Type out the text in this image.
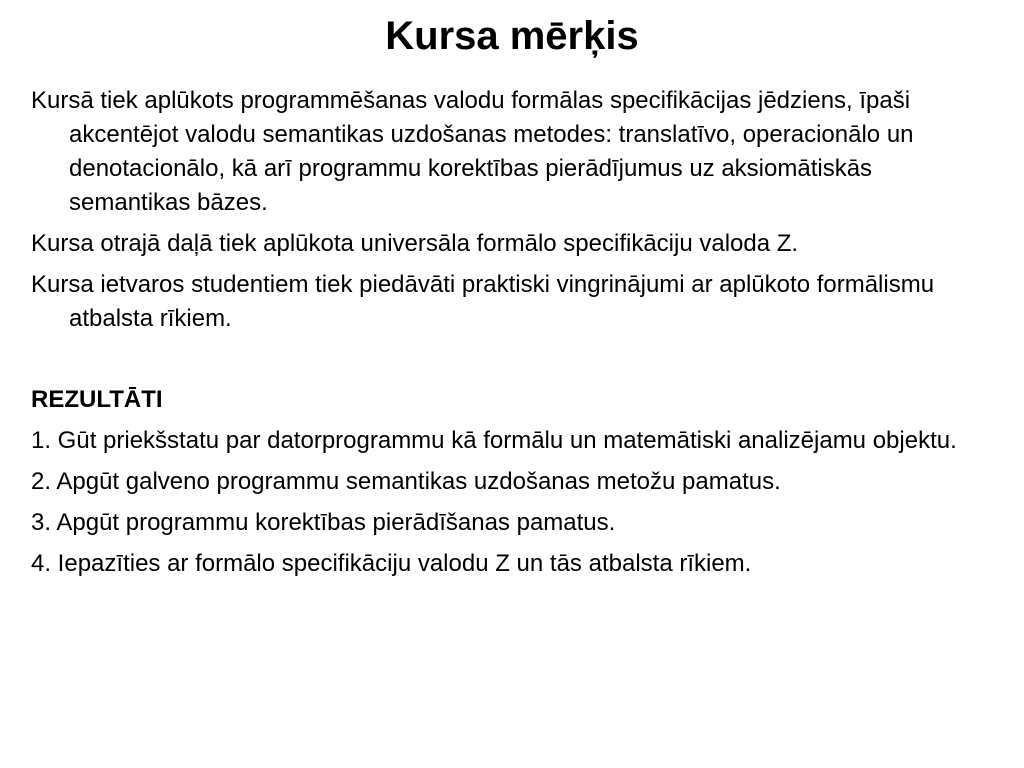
Kursa mērķis

Kursā tiek aplūkots programmēšanas valodu formālas specifikācijas jēdziens, īpaši akcentējot valodu semantikas uzdošanas metodes: translatīvo, operacionālo un denotacionālo, kā arī programmu korektības pierādījumus uz aksiomātiskās semantikas bāzes.

Kursa otrajā daļā tiek aplūkota universāla formālo specifikāciju valoda Z.

Kursa ietvaros studentiem tiek piedāvāti praktiski vingrinājumi ar aplūkoto formālismu atbalsta rīkiem.

REZULTĀTI

1. Gūt priekšstatu par datorprogrammu kā formālu un matemātiski analizējamu objektu.

2. Apgūt galveno programmu semantikas uzdošanas metožu pamatus.

3. Apgūt programmu korektības pierādīšanas pamatus.

4. Iepazīties ar formālo specifikāciju valodu Z un tās atbalsta rīkiem.
